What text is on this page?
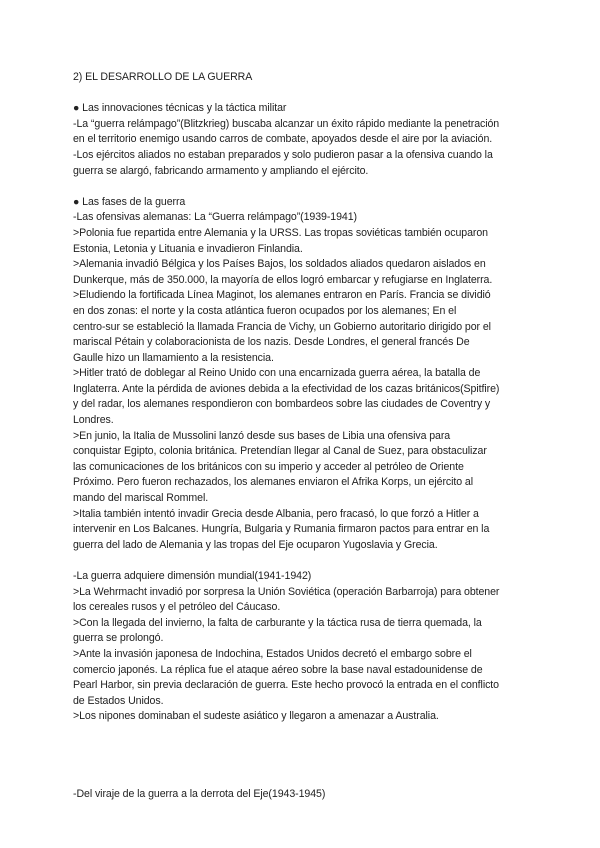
2) EL DESARROLLO DE LA GUERRA
● Las innovaciones técnicas y la táctica militar
-La “guerra relámpago”(Blitzkrieg) buscaba alcanzar un éxito rápido mediante la penetración
en el territorio enemigo usando carros de combate, apoyados desde el aire por la aviación.
-Los ejércitos aliados no estaban preparados y solo pudieron pasar a la ofensiva cuando la
guerra se alargó, fabricando armamento y ampliando el ejército.
● Las fases de la guerra
-Las ofensivas alemanas: La “Guerra relámpago”(1939-1941)
>Polonia fue repartida entre Alemania y la URSS. Las tropas soviéticas también ocuparon
Estonia, Letonia y Lituania e invadieron Finlandia.
>Alemania invadió Bélgica y los Países Bajos, los soldados aliados quedaron aislados en
Dunkerque, más de 350.000, la mayoría de ellos logró embarcar y refugiarse en Inglaterra.
>Eludiendo la fortificada Línea Maginot, los alemanes entraron en París. Francia se dividió
en dos zonas: el norte y la costa atlántica fueron ocupados por los alemanes; En el
centro-sur se estableció la llamada Francia de Vichy, un Gobierno autoritario dirigido por el
mariscal Pétain y colaboracionista de los nazis. Desde Londres, el general francés De
Gaulle hizo un llamamiento a la resistencia.
>Hitler trató de doblegar al Reino Unido con una encarnizada guerra aérea, la batalla de
Inglaterra. Ante la pérdida de aviones debida a la efectividad de los cazas británicos(Spitfire)
y del radar, los alemanes respondieron con bombardeos sobre las ciudades de Coventry y
Londres.
>En junio, la Italia de Mussolini lanzó desde sus bases de Libia una ofensiva para
conquistar Egipto, colonia británica. Pretendían llegar al Canal de Suez, para obstaculizar
las comunicaciones de los británicos con su imperio y acceder al petróleo de Oriente
Próximo. Pero fueron rechazados, los alemanes enviaron el Afrika Korps, un ejército al
mando del mariscal Rommel.
>Italia también intentó invadir Grecia desde Albania, pero fracasó, lo que forzó a Hitler a
intervenir en Los Balcanes. Hungría, Bulgaria y Rumania firmaron pactos para entrar en la
guerra del lado de Alemania y las tropas del Eje ocuparon Yugoslavia y Grecia.
-La guerra adquiere dimensión mundial(1941-1942)
>La Wehrmacht invadió por sorpresa la Unión Soviética (operación Barbarroja) para obtener
los cereales rusos y el petróleo del Cáucaso.
>Con la llegada del invierno, la falta de carburante y la táctica rusa de tierra quemada, la
guerra se prolongó.
>Ante la invasión japonesa de Indochina, Estados Unidos decretó el embargo sobre el
comercio japonés. La réplica fue el ataque aéreo sobre la base naval estadounidense de
Pearl Harbor, sin previa declaración de guerra. Este hecho provocó la entrada en el conflicto
de Estados Unidos.
>Los nipones dominaban el sudeste asiático y llegaron a amenazar a Australia.
-Del viraje de la guerra a la derrota del Eje(1943-1945)
